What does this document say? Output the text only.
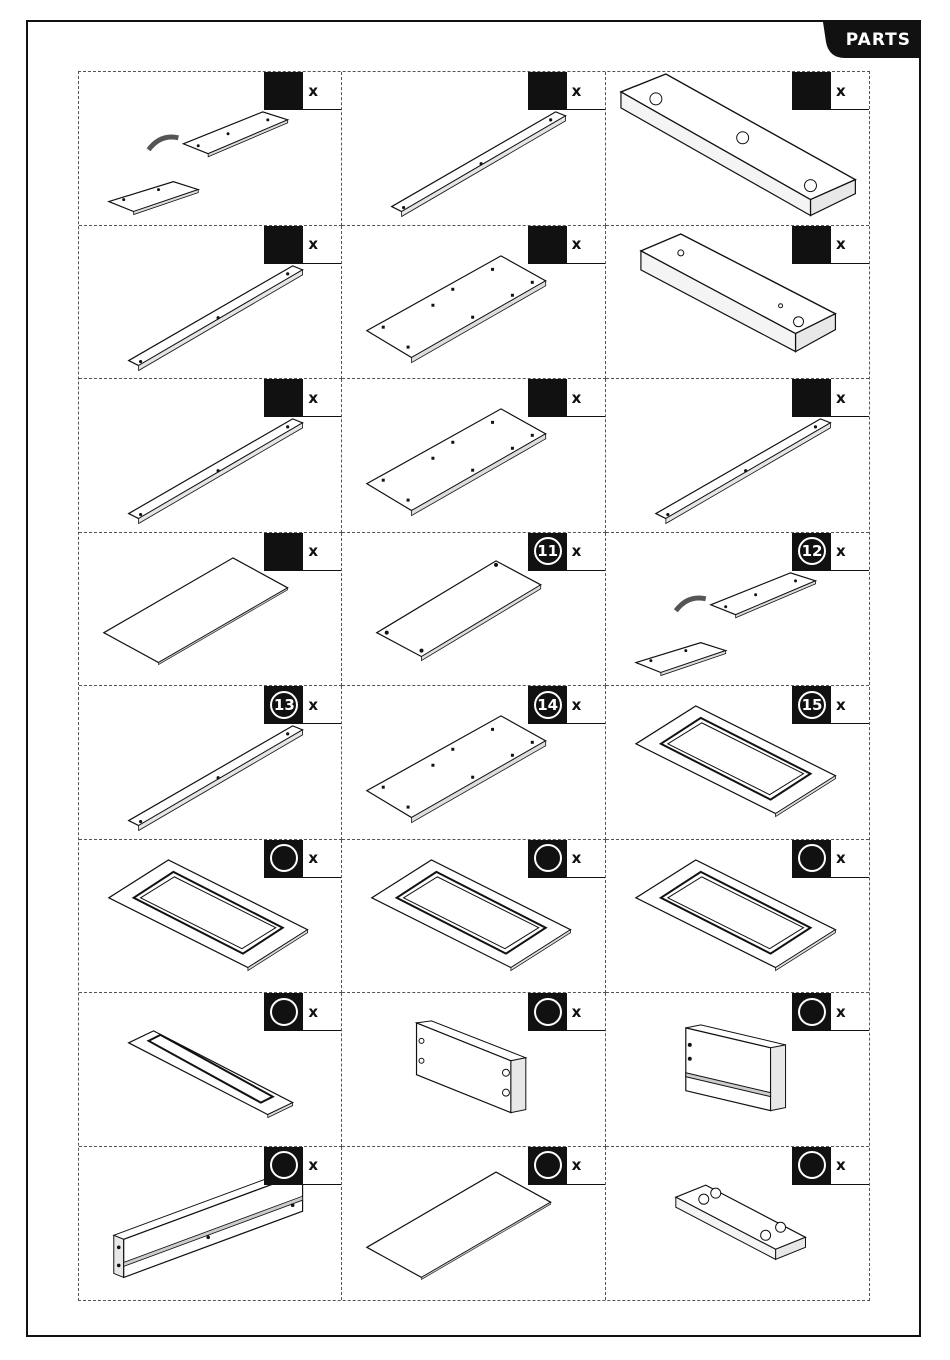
PARTS
x	x	x
x	x	x
x	x	x
x	11 x	12 x
13 x	14 x	15 x
x	x	x
x	x	x
x	x	x
